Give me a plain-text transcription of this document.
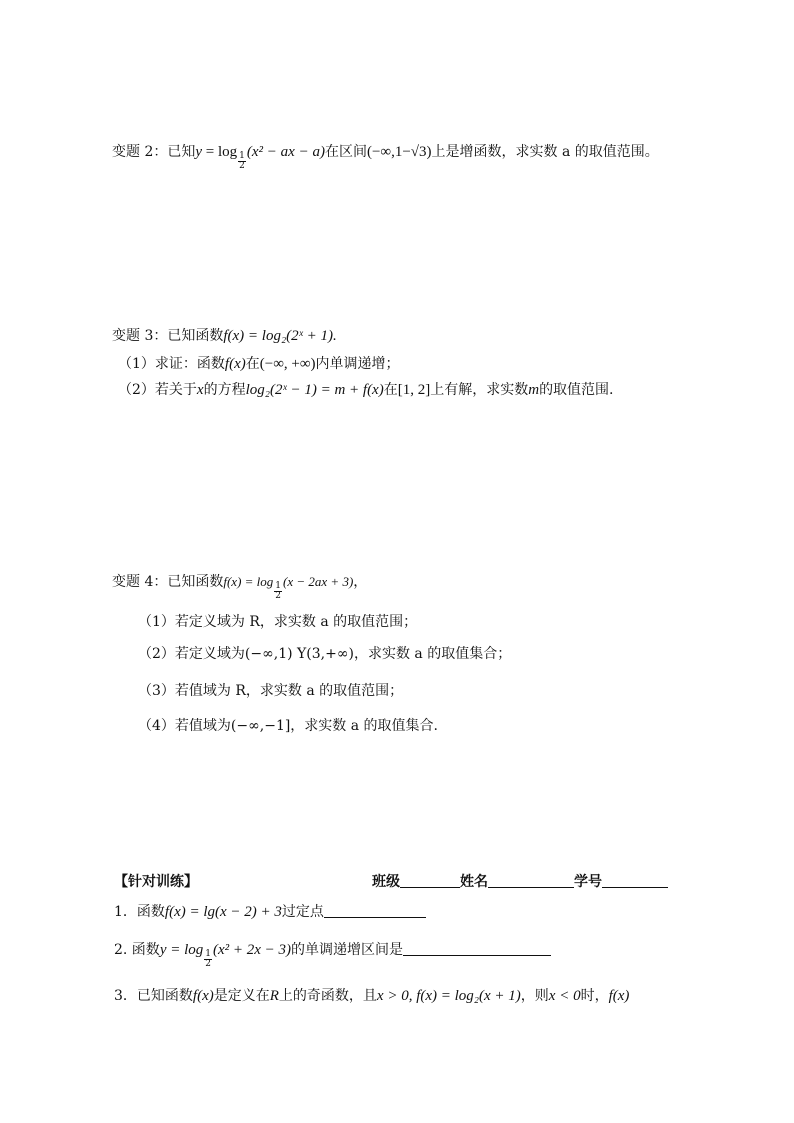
变题 2：已知$y = \log \frac{1}{2} (x^2$ − ax − a)在区间(−∞,1−√3)上是增函数，求实数 a 的取值范围。
变题 3：已知函数f(x) = log₂(2ˣ + 1).
（1）求证：函数f(x)在(−∞, +∞)内单调递增；
（2）若关于x的方程log₂(2ˣ − 1) = m + f(x)在[1, 2]上有解，求实数m的取值范围.
变题 4：已知函数f(x) = log
$\frac{1}{2}$
(x − 2ax + 3)，
（1）若定义域为 R，求实数 a 的取值范围；
（2）若定义域为(−∞,1) Y(3,+∞)，求实数 a 的取值集合；
（3）若值域为 R，求实数 a 的取值范围；
（4）若值域为(−∞,−1]，求实数 a 的取值集合.
【针对训练】	班级	姓名	学号
1．函数f(x) = lg(x − 2) + 3过定点
2. 函数$y = \log \frac{1}{2} (x^2 + 2x - 3)$的单调递增区间是
3．已知函数f(x)是定义在R上的奇函数，且x > 0, f(x) = log₂(x + 1)，则x < 0时，f(x)
